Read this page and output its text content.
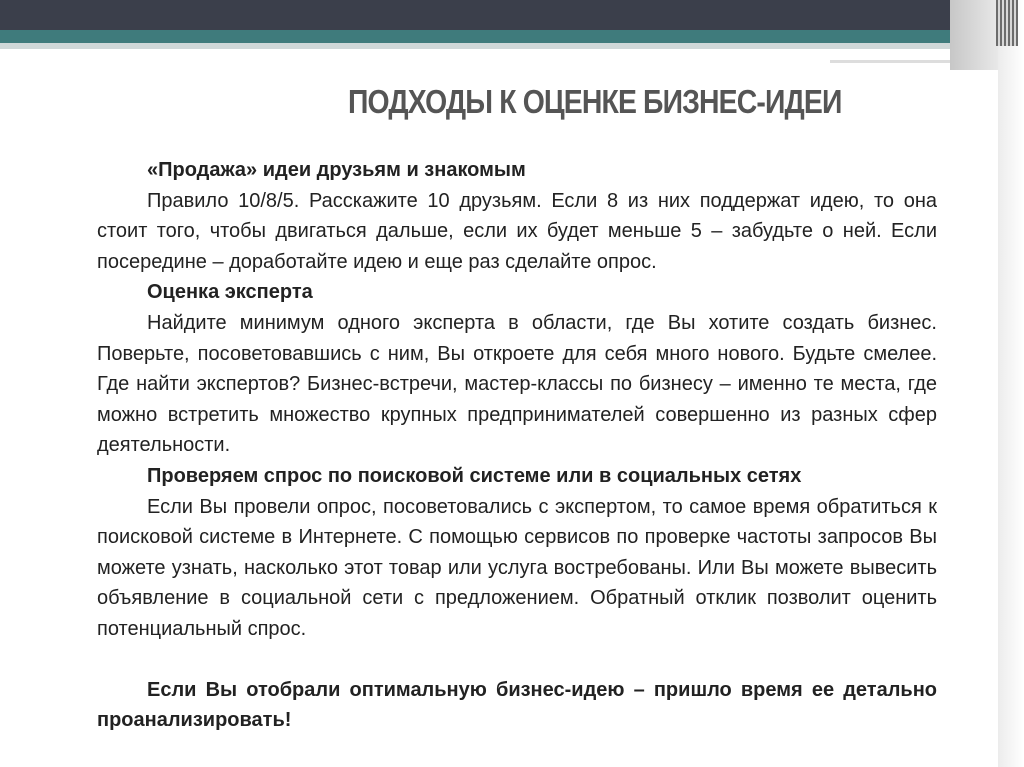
ПОДХОДЫ К ОЦЕНКЕ БИЗНЕС-ИДЕИ

«Продажа» идеи друзьям и знакомым

Правило 10/8/5. Расскажите 10 друзьям. Если 8 из них поддержат идею, то она стоит того, чтобы двигаться дальше, если их будет меньше 5 – забудьте о ней. Если посередине – доработайте идею и еще раз сделайте опрос.

Оценка эксперта

Найдите минимум одного эксперта в области, где Вы хотите создать бизнес. Поверьте, посоветовавшись с ним, Вы откроете для себя много нового. Будьте смелее. Где найти экспертов? Бизнес-встречи, мастер-классы по бизнесу – именно те места, где можно встретить множество крупных предпринимателей совершенно из разных сфер деятельности.

Проверяем спрос по поисковой системе или в социальных сетях

Если Вы провели опрос, посоветовались с экспертом, то самое время обратиться к поисковой системе в Интернете. С помощью сервисов по проверке частоты запросов Вы можете узнать, насколько этот товар или услуга востребованы. Или Вы можете вывесить объявление в социальной сети с предложением. Обратный отклик позволит оценить потенциальный спрос.

Если Вы отобрали оптимальную бизнес-идею – пришло время ее детально проанализировать!
